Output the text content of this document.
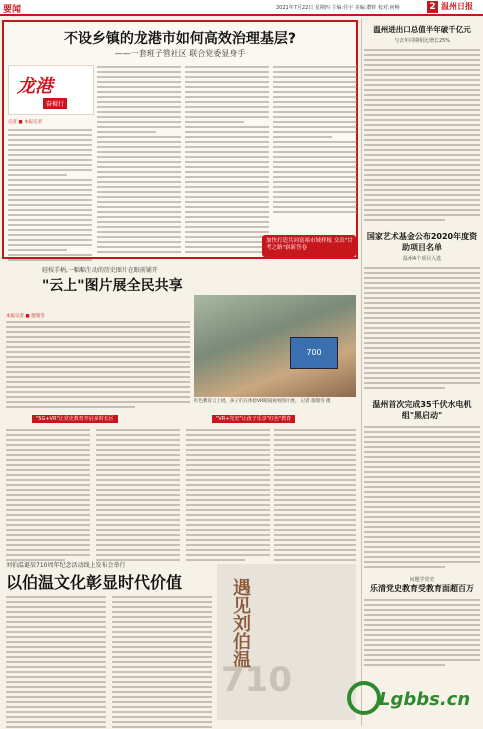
要闻	2021年7月22日 星期四 主编:任宇 美编:董晖 校对:何畅	2 温州日报
不设乡镇的龙港市如何高效治理基层?
——一套班子管社区 联合党委显身手
龙港
奋楫行
记者 ■ 本报记者
加快打造共同富裕市域样板 交出"甘考之路"崭新答卷
温州进出口总值半年破千亿元
与去年同期相比增长25%
国家艺术基金公布2020年度资助项目名单
温州4个项目入选
温州首次完成35千伏水电机组"黑启动"
问题学党史
乐清党史教育受教育面超百万
轻按手柄,一幅幅生动的历史图片在眼前铺开
"云上"图片展全民共享
本报记者 ■ 施瑞雪
700
红色教育云上展。孩子们在体验VR眼镜观看图片展。 记者 施瑞雪 摄
"5G+VR"让党史教育开启多时长区	"VR+党史"让孩子乐享"红色"教育
刘伯温诞辰710周年纪念活动线上发布会举行
以伯温文化彰显时代价值	遇见刘伯温
710	Lgbbs.cn
